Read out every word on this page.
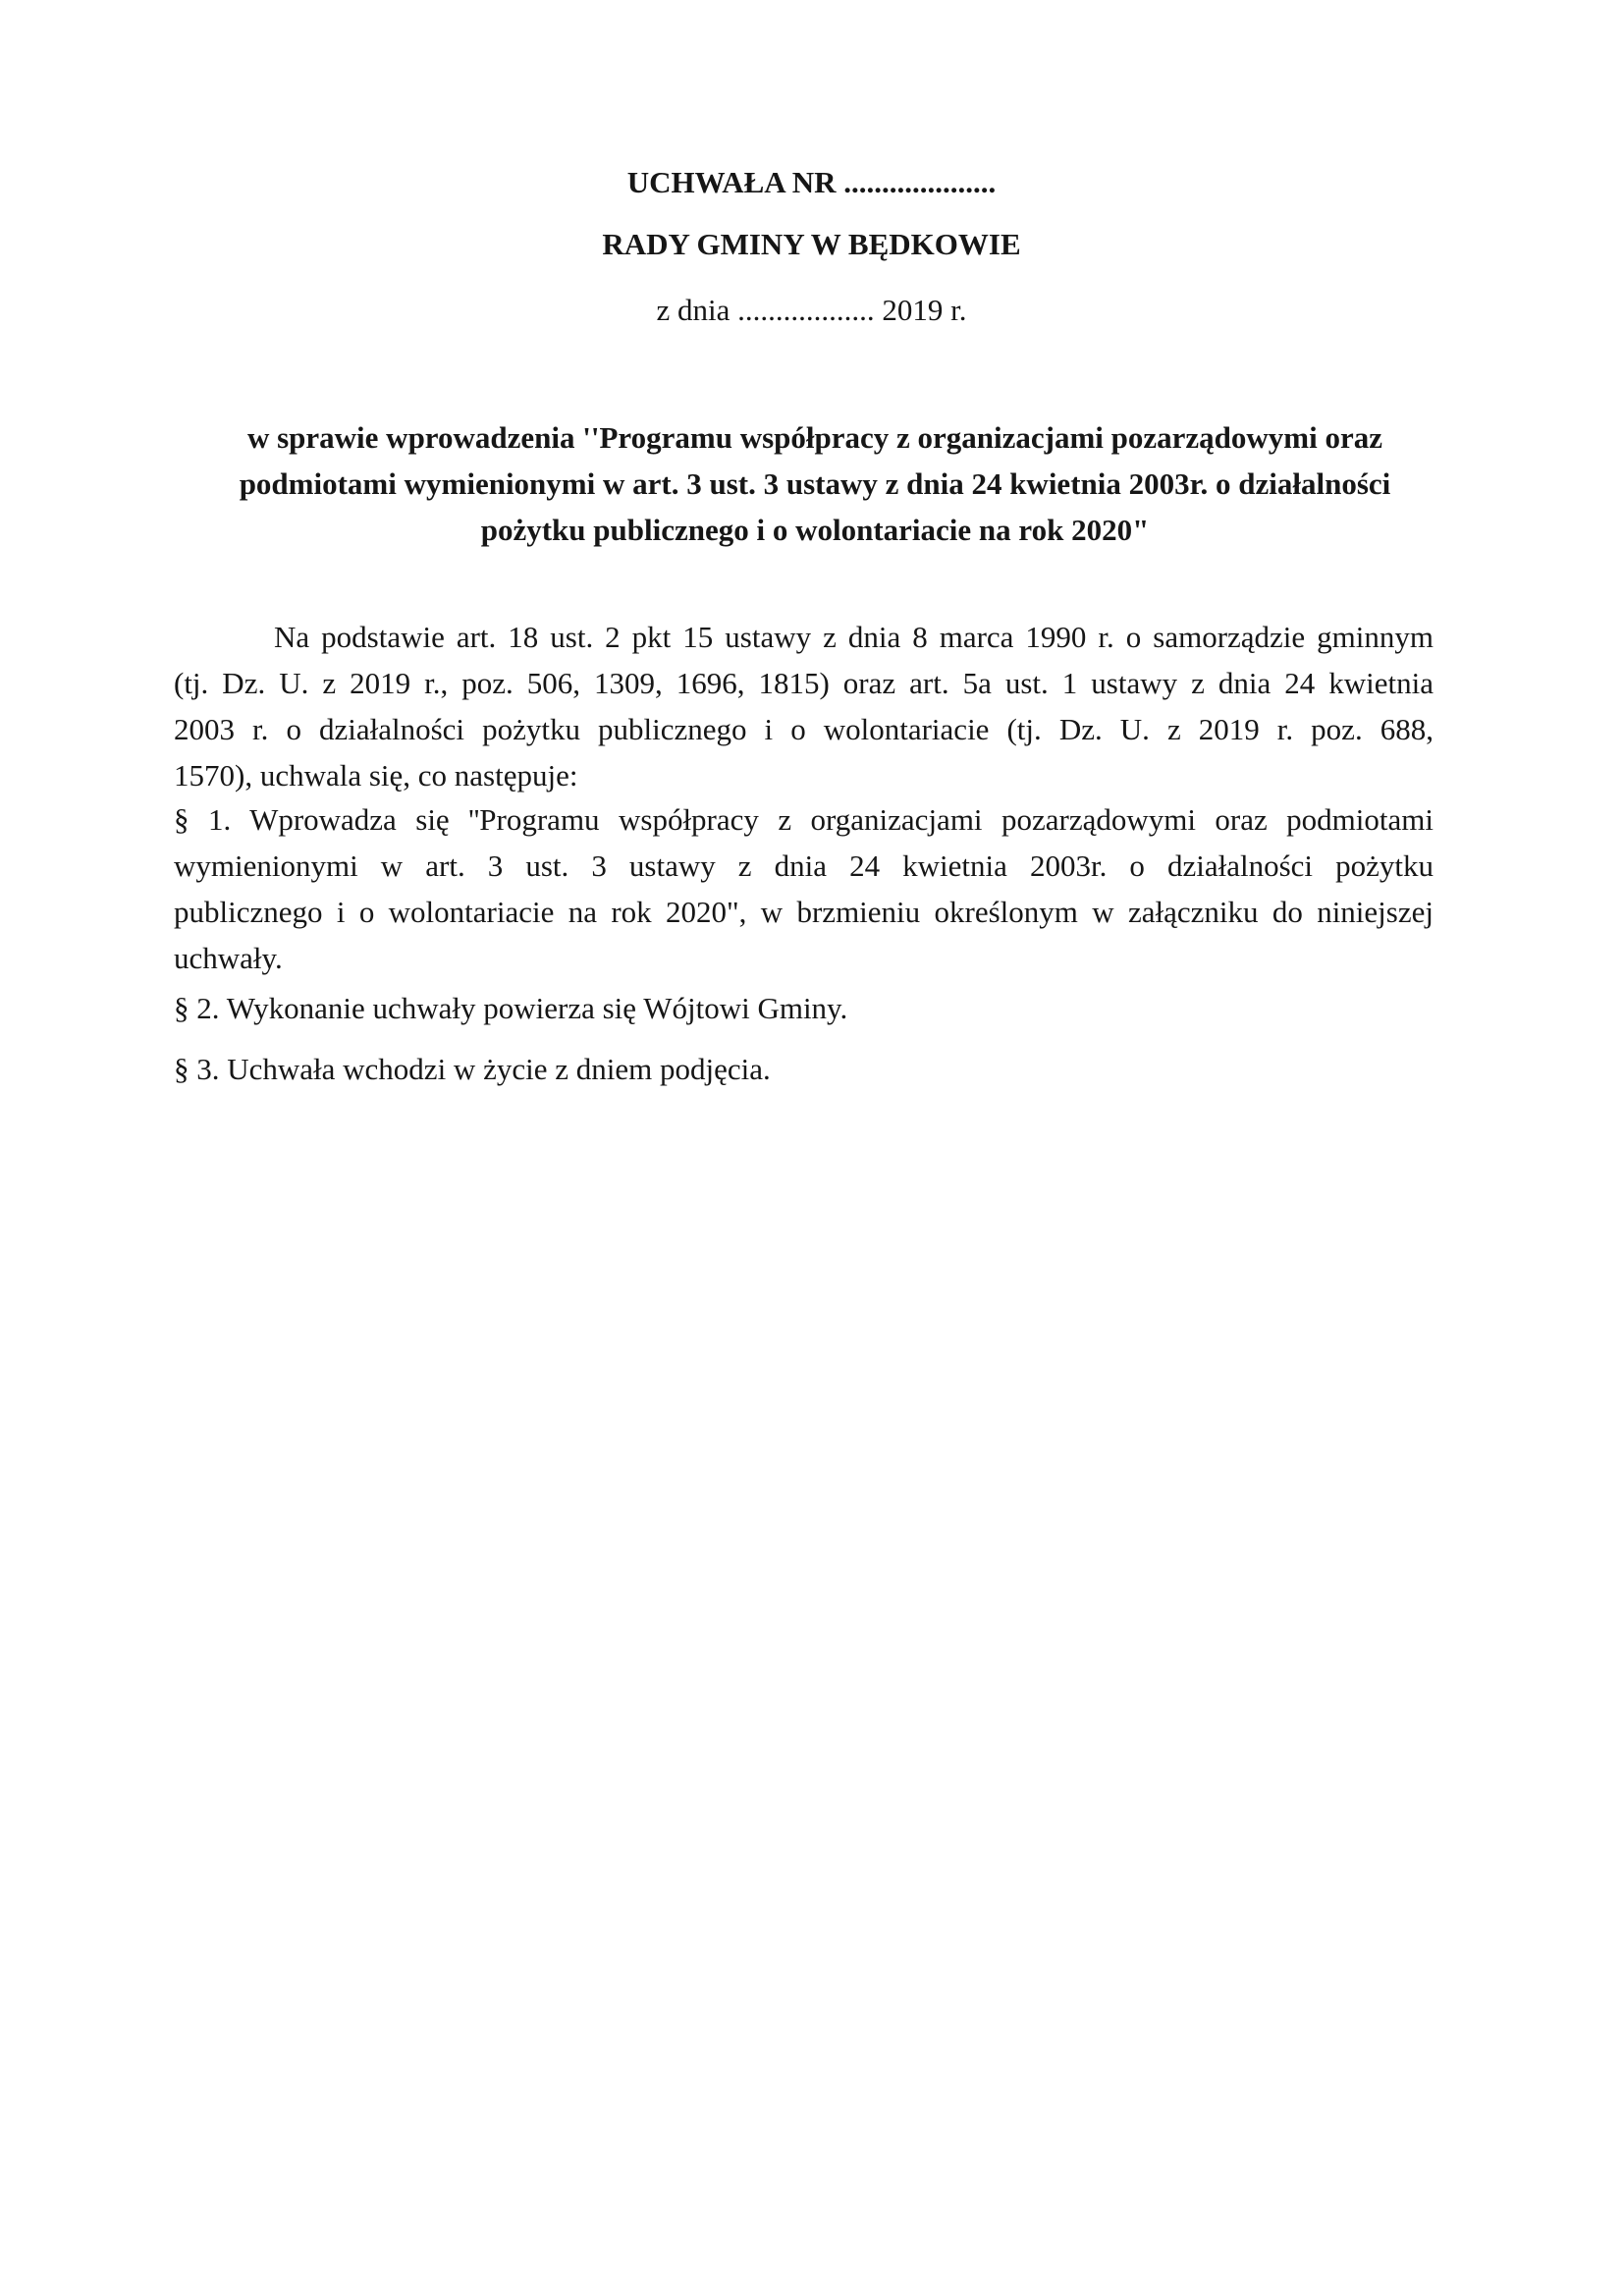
UCHWAŁA NR ....................
RADY GMINY W BĘDKOWIE
z dnia .................. 2019 r.
w sprawie wprowadzenia ''Programu współpracy z organizacjami pozarządowymi oraz
podmiotami wymienionymi w art. 3 ust. 3 ustawy z dnia 24 kwietnia 2003r. o działalności
pożytku publicznego i o wolontariacie na rok 2020"
Na podstawie art. 18 ust. 2 pkt 15 ustawy z dnia 8 marca 1990 r. o samorządzie gminnym
(tj. Dz. U. z 2019 r., poz. 506, 1309, 1696, 1815) oraz art. 5a ust. 1 ustawy z dnia 24 kwietnia
2003 r. o działalności pożytku publicznego i o wolontariacie (tj. Dz. U. z 2019 r. poz. 688,
1570), uchwala się, co następuje:
§ 1. Wprowadza się ''Programu współpracy z organizacjami pozarządowymi oraz podmiotami
wymienionymi w art. 3 ust. 3 ustawy z dnia 24 kwietnia 2003r. o działalności pożytku
publicznego i o wolontariacie na rok 2020", w brzmieniu określonym w załączniku do niniejszej
uchwały.
§ 2. Wykonanie uchwały powierza się Wójtowi Gminy.
§ 3. Uchwała wchodzi w życie z dniem podjęcia.
